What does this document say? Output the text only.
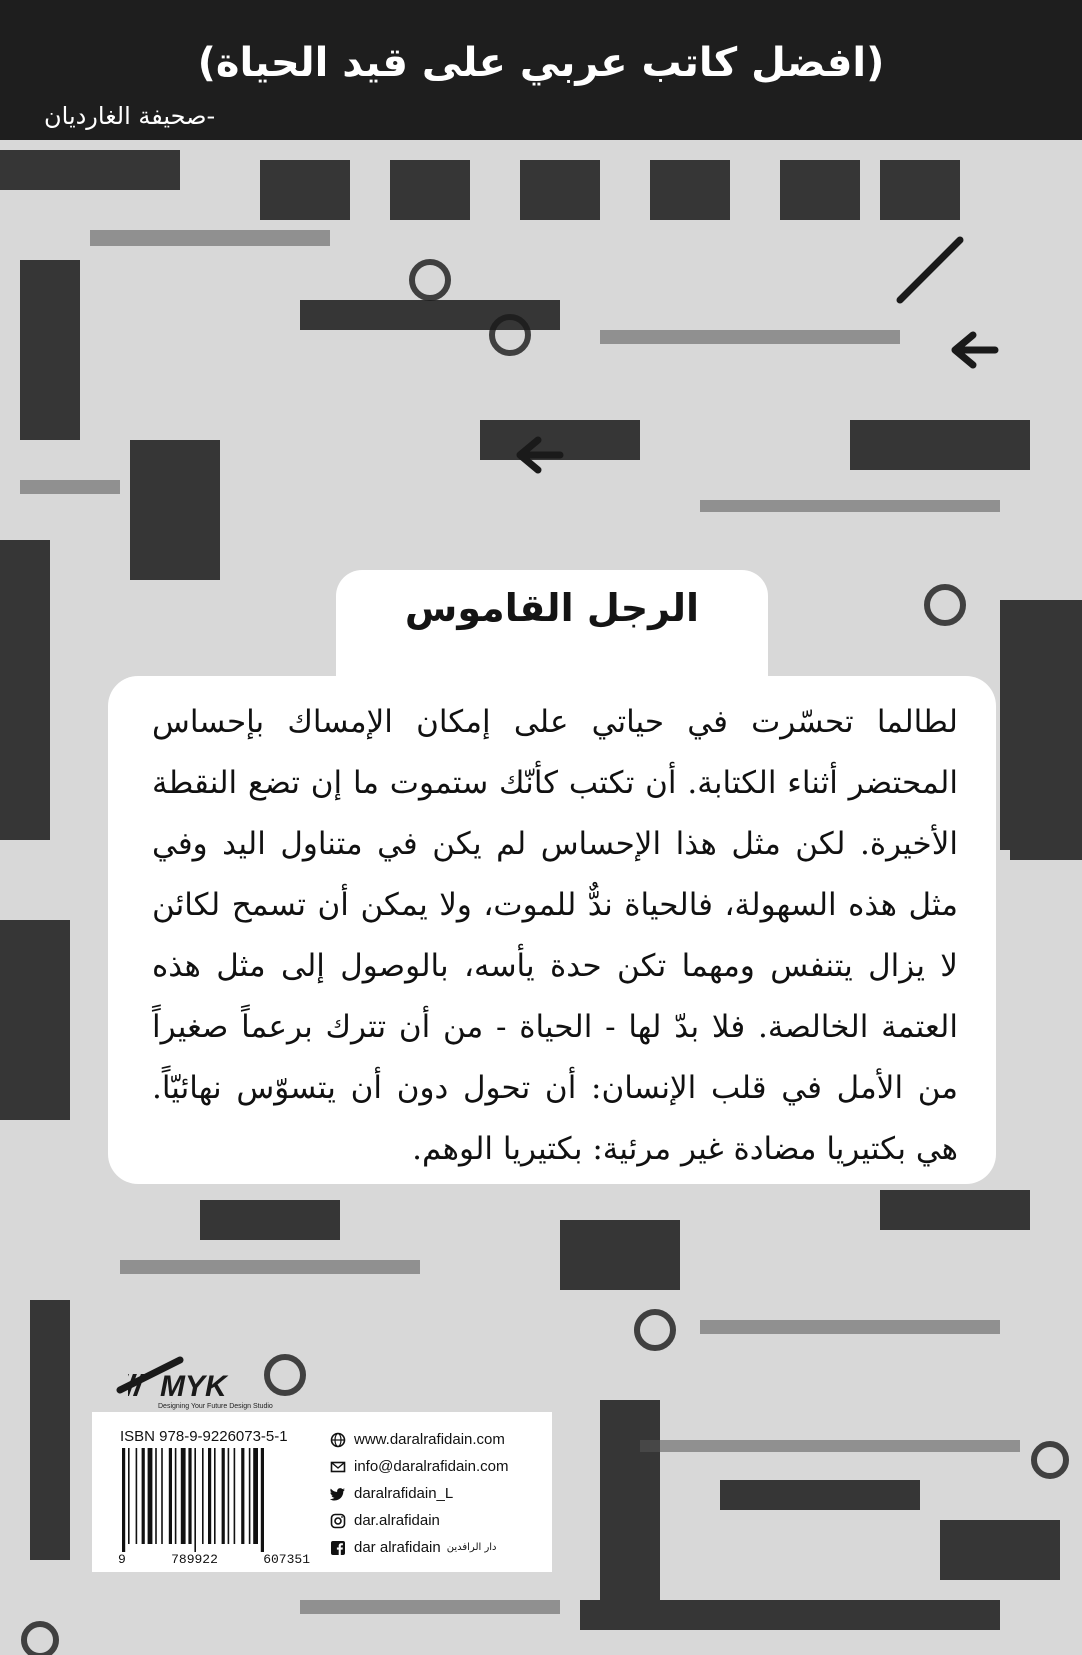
(افضل كاتب عربي على قيد الحياة)
-صحيفة الغارديان
الرجل القاموس
لطالما تحسّرت في حياتي على إمكان الإمساك بإحساس المحتضر أثناء الكتابة. أن تكتب كأنّك ستموت ما إن تضع النقطة الأخيرة. لكن مثل هذا الإحساس لم يكن في متناول اليد وفي مثل هذه السهولة، فالحياة ندٌّ للموت، ولا يمكن أن تسمح لكائن لا يزال يتنفس ومهما تكن حدة يأسه، بالوصول إلى مثل هذه العتمة الخالصة. فلا بدّ لها - الحياة - من أن تترك برعماً صغيراً من الأمل في قلب الإنسان: أن تحول دون أن يتسوّس نهائيّاً. هي بكتيريا مضادة غير مرئية: بكتيريا الوهم.
MYK
Designing Your Future Design Studio
ISBN 978-9-9226073-5-1
9	789922	607351
www.daralrafidain.com
info@daralrafidain.com
daralrafidain_L
dar.alrafidain
dar alrafidain دار الرافدين
